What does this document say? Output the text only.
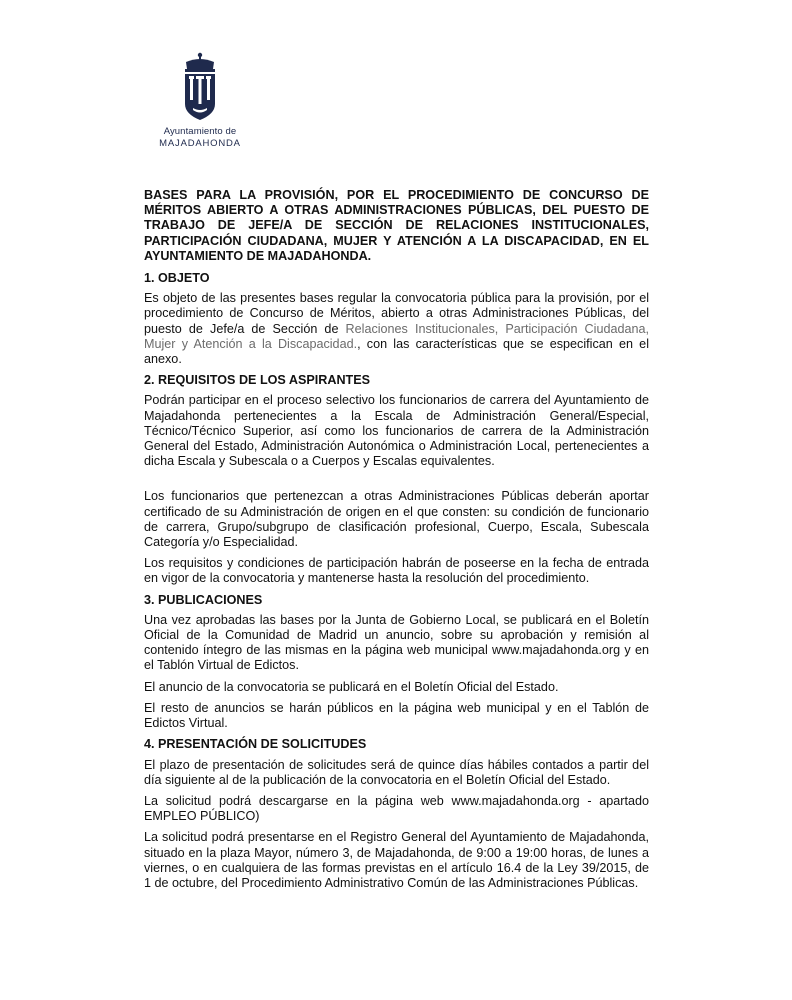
Ayuntamiento de
MAJADAHONDA
BASES PARA LA PROVISIÓN, POR EL PROCEDIMIENTO DE CONCURSO DE MÉRITOS ABIERTO A OTRAS ADMINISTRACIONES PÚBLICAS, DEL PUESTO DE TRABAJO DE JEFE/A DE SECCIÓN DE RELACIONES INSTITUCIONALES, PARTICIPACIÓN CIUDADANA, MUJER Y ATENCIÓN A LA DISCAPACIDAD, EN EL AYUNTAMIENTO DE MAJADAHONDA.
1. OBJETO

Es objeto de las presentes bases regular la convocatoria pública para la provisión, por el procedimiento de Concurso de Méritos, abierto a otras Administraciones Públicas, del puesto de Jefe/a de Sección de Relaciones Institucionales, Participación Ciudadana, Mujer y Atención a la Discapacidad., con las características que se especifican en el anexo.

2. REQUISITOS DE LOS ASPIRANTES

Podrán participar en el proceso selectivo los funcionarios de carrera del Ayuntamiento de Majadahonda pertenecientes a la Escala de Administración General/Especial, Técnico/Técnico Superior, así como los funcionarios de carrera de la Administración General del Estado, Administración Autonómica o Administración Local, pertenecientes a dicha Escala y Subescala o a Cuerpos y Escalas equivalentes.

Los funcionarios que pertenezcan a otras Administraciones Públicas deberán aportar certificado de su Administración de origen en el que consten: su condición de funcionario de carrera, Grupo/subgrupo de clasificación profesional, Cuerpo, Escala, Subescala Categoría y/o Especialidad.

Los requisitos y condiciones de participación habrán de poseerse en la fecha de entrada en vigor de la convocatoria y mantenerse hasta la resolución del procedimiento.

3. PUBLICACIONES

Una vez aprobadas las bases por la Junta de Gobierno Local, se publicará en el Boletín Oficial de la Comunidad de Madrid un anuncio, sobre su aprobación y remisión al contenido íntegro de las mismas en la página web municipal www.majadahonda.org y en el Tablón Virtual de Edictos.

El anuncio de la convocatoria se publicará en el Boletín Oficial del Estado.

El resto de anuncios se harán públicos en la página web municipal y en el Tablón de Edictos Virtual.

4. PRESENTACIÓN DE SOLICITUDES

El plazo de presentación de solicitudes será de quince días hábiles contados a partir del día siguiente al de la publicación de la convocatoria en el Boletín Oficial del Estado.

La solicitud podrá descargarse en la página web www.majadahonda.org - apartado EMPLEO PÚBLICO)

La solicitud podrá presentarse en el Registro General del Ayuntamiento de Majadahonda, situado en la plaza Mayor, número 3, de Majadahonda, de 9:00 a 19:00 horas, de lunes a viernes, o en cualquiera de las formas previstas en el artículo 16.4 de la Ley 39/2015, de 1 de octubre, del Procedimiento Administrativo Común de las Administraciones Públicas.
